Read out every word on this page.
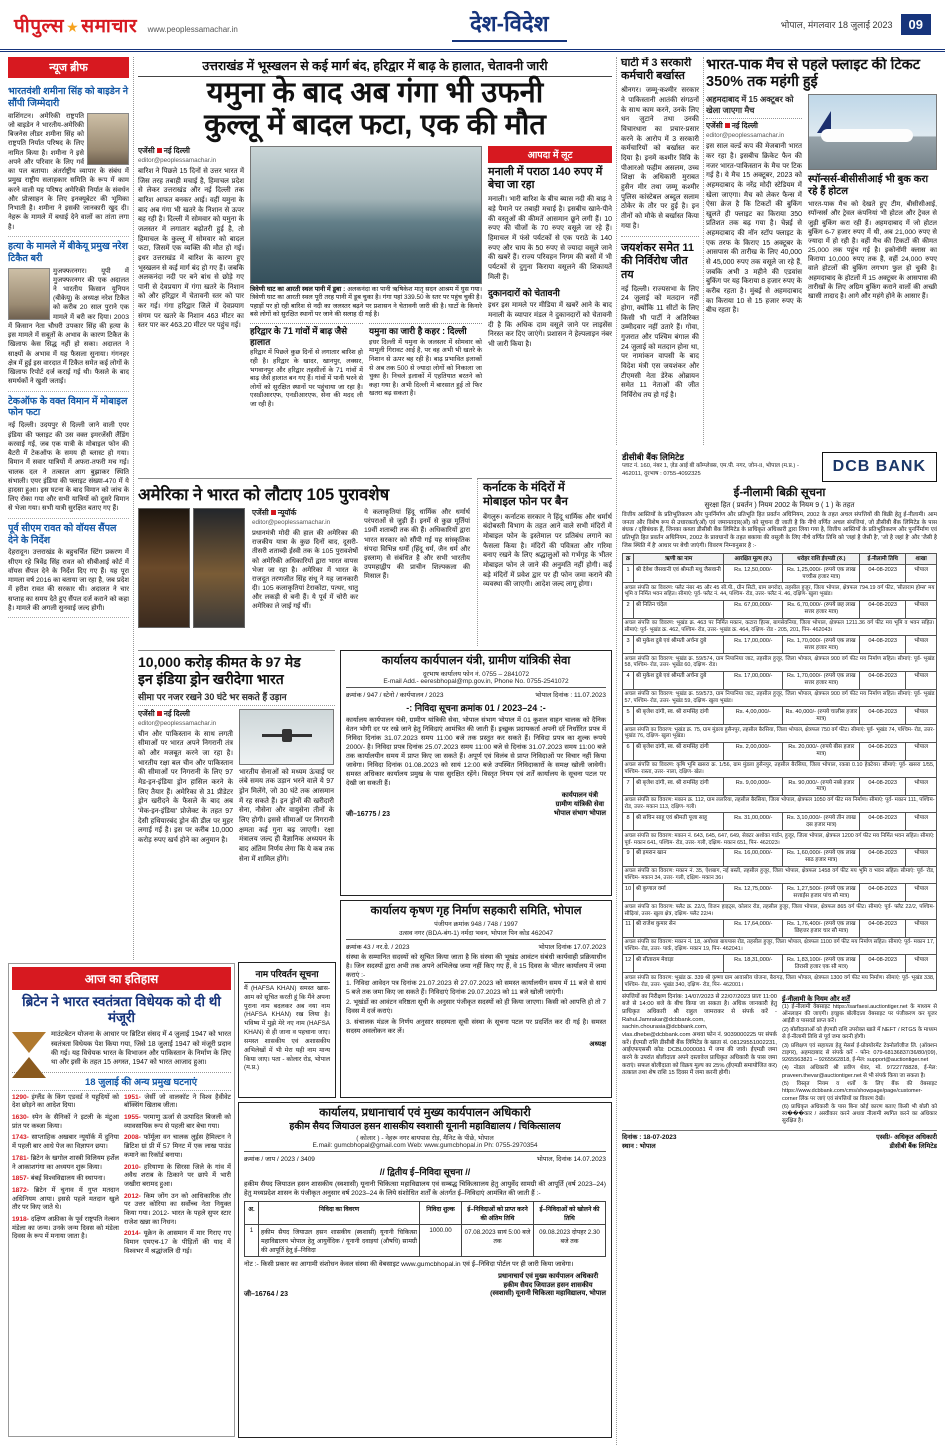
पीपुल्स ★ समाचार www.peoplessamachar.in	देश-विदेश	भोपाल, मंगलवार 18 जुलाई 2023	09
न्यूज ब्रीफ
भारतवंशी शमीना सिंह को बाइडेन ने सौंपी जिम्मेदारी

वाशिंगटन। अमेरिकी राष्ट्रपति जो बाइडेन ने भारतीय-अमेरिकी बिजनेस लीडर शमीना सिंह को राष्ट्रपति निर्यात परिषद के लिए नामित किया है। शमीना ने इसे अपने और परिवार के लिए गर्व का पल बताया। अंतर्राष्ट्रीय व्यापार के संबंध में प्रमुख राष्ट्रीय सलाहकार समिति के रूप में काम करने वाली यह परिषद अमेरिकी निर्यात के संवर्धन और प्रोत्साहन के लिए इनक्यूबेटर की भूमिका निभाती है। शमीना ने इसकी जानकारी खुद दी। नेहरू के मामले में बधाई देने वालों का तांता लगा है।

हत्या के मामले में बीकेयू प्रमुख नरेश टिकैत बरी

मुजफ्फरनगर। यूपी में मुजफ्फरनगर की एक अदालत ने भारतीय किसान यूनियन (बीकेयू) के अध्यक्ष नरेश टिकैत को करीब 20 साल पुराने एक मामले में बरी कर दिया। 2003 में किसान नेता चौधरी उपकार सिंह की हत्या के इस मामले में सबूतों के अभाव के कारण टिकैत के खिलाफ केस सिद्ध नहीं हो सका। अदालत ने साक्ष्यों के अभाव में यह फैसला सुनाया। गंगनहर क्षेत्र में हुई इस वारदात में टिकैत समेत कई लोगों के खिलाफ रिपोर्ट दर्ज कराई गई थी। फैसले के बाद समर्थकों ने खुशी जताई।

टेकऑफ के वक्त विमान में मोबाइल फोन फटा

नई दिल्ली। उदयपुर से दिल्ली जाने वाली एयर इंडिया की फ्लाइट की उस वक्त इमरजेंसी लैंडिंग करवाई गई, जब एक यात्री के मोबाइल फोन की बैटरी में टेकऑफ के समय ही ब्लास्ट हो गया। विमान में सवार यात्रियों में अफरा-तफरी मच गई। चालक दल ने तत्काल आग बुझाकर स्थिति संभाली। एयर इंडिया की फ्लाइट संख्या-470 में ये हादसा हुआ। इस घटना के बाद विमान को जांच के लिए रोका गया और सभी यात्रियों को दूसरे विमान से भेजा गया। सभी यात्री सुरक्षित बताए गए हैं।

पूर्व सीएम रावत को वॉयस सैंपल देने के निर्देश

देहरादून। उत्तराखंड के बहुचर्चित स्टिंग प्रकरण में सीएम रहे त्रिवेंद्र सिंह रावत को सीबीआई कोर्ट में वॉयस सैंपल देने के निर्देश दिए गए हैं। यह पूरा मामला वर्ष 2016 का बताया जा रहा है, जब प्रदेश में हरीश रावत की सरकार थी। अदालत ने चार सप्ताह का समय देते हुए सैंपल दर्ज कराने को कहा है। मामले की अगली सुनवाई जल्द होगी।

उत्तराखंड में भूस्खलन से कई मार्ग बंद, हरिद्वार में बाढ़ के हालात, चेतावनी जारी
यमुना के बाद अब गंगा भी उफनी
कुल्लू में बादल फटा, एक की मौत
एजेंसी नई दिल्ली
editor@peoplessamachar.in

बारिश ने पिछले 15 दिनों से उत्तर भारत में जिस तरह तबाही मचाई है, हिमाचल प्रदेश से लेकर उत्तराखंड और नई दिल्ली तक बारिश आफत बनकर आई। वहीं यमुना के बाद अब गंगा भी खतरे के निशान से ऊपर बह रही है। दिल्ली में सोमवार को यमुना के जलस्तर में लगातार बढ़ोतरी हुई है, तो हिमाचल के कुल्लू में सोमवार को बादल फटा, जिसमें एक व्यक्ति की मौत हो गई। इधर उत्तराखंड में बारिश के कारण हुए भूस्खलन से कई मार्ग बंद हो गए हैं। जबकि अलकनंदा नदी पर बने बांध से छोड़े गए पानी से देवप्रयाग में गंगा खतरे के निशान को और हरिद्वार में चेतावनी स्तर को पार कर गई। गंगा हरिद्वार जिले में देवप्रयाग संगम पर खतरे के निशान 463 मीटर का स्तर पार कर 463.20 मीटर पर पहुंच गई।

त्रिवेणी घाट का आरती स्थल पानी में डूबा : अलकनंदा का पानी ऋषिकेश मातृ सदन आश्रम में घुस गया। त्रिवेणी घाट का आरती स्थल पूरी तरह पानी में डूब चुका है। गंगा यहां 339.50 के स्तर पर पहुंच चुकी है। पहाड़ों पर हो रही बारिश से नदी का जलस्तर बढ़ने पर प्रशासन ने चेतावनी जारी की है। घाटों के किनारे बसे लोगों को सुरक्षित स्थानों पर जाने की सलाह दी गई है।

हरिद्वार के 71 गांवों में बाढ़ जैसे हालात

हरिद्वार में पिछले कुछ दिनों से लगातार बारिश हो रही है। हरिद्वार के खादर, खानपुर, लक्सर, भगवानपुर और हरिद्वार तहसीलों के 71 गांवों में बाढ़ जैसे हालात बन गए हैं। गांवों में पानी भरने से लोगों को सुरक्षित स्थानों पर पहुंचाया जा रहा है। एसडीआरएफ, एनडीआरएफ, सेना की मदद ली जा रही है।

यमुना का जारी है कहर : दिल्ली

इधर दिल्ली में यमुना के जलस्तर में सोमवार को मामूली गिरावट आई है, पर वह अभी भी खतरे के निशान से ऊपर बह रही है। बाढ़ प्रभावित इलाकों से अब तक 500 से ज्यादा लोगों को निकाला जा चुका है। निचले इलाकों में एहतियात बरतने को कहा गया है। अभी दिल्ली में बारसात हुई तो फिर खतरा बढ़ सकता है।

आपदा में लूट
मनाली में पराठा 140 रुपए में बेचा जा रहा

मनाली। भारी बारिश के बीच ब्यास नदी की बाढ़ ने बड़े पैमाने पर तबाही मचाई है। इसबीच खाने-पीने की वस्तुओं की कीमतें आसमान छूने लगी हैं। 10 रुपए की चीजों के 70 रुपए वसूले जा रहे हैं। हिमाचल में फंसे पर्यटकों से एक पराठे के 140 रुपए और चाय के 50 रुपए से ज्यादा वसूले जाने की खबरें हैं। राज्य परिवहन निगम की बसों में भी पर्यटकों से दुगुना किराया वसूलने की शिकायतें मिली हैं।

दुकानदारों को चेतावनी

इधर इस मामले पर मीडिया में खबरें आने के बाद मनाली के व्यापार मंडल ने दुकानदारों को चेतावनी दी है कि अधिक दाम वसूले जाने पर लाइसेंस निरस्त कर दिए जाएंगे। प्रशासन ने हेल्पलाइन नंबर भी जारी किया है।

घाटी में 3 सरकारी कर्मचारी बर्खास्त

श्रीनगर। जम्मू-कश्मीर सरकार ने पाकिस्तानी आतंकी संगठनों के साथ काम करने, उनके लिए धन जुटाने तथा उनकी विचारधारा का प्रचार-प्रसार करने के आरोप में 3 सरकारी कर्मचारियों को बर्खास्त कर दिया है। इनमें कश्मीर विवि के पीआरओ फहीम असलम, उच्च शिक्षा के अधिकारी मुराबत हुसैन मीर तथा जम्मू कश्मीर पुलिस कांस्टेबल अब्दुल सलाम ठोकेर के तौर पर हुई है। इन तीनों को मौके से बर्खास्त किया गया है।

जयशंकर समेत 11 की निर्विरोध जीत तय

नई दिल्ली। राज्यसभा के लिए 24 जुलाई को मतदान नहीं होगा, क्योंकि 11 सीटों के लिए किसी भी पार्टी ने अतिरिक्त उम्मीदवार नहीं उतारे हैं। गोवा, गुजरात और पश्चिम बंगाल की 24 जुलाई को मतदान होना था, पर नामांकन वापसी के बाद विदेश मंत्री एस जयशंकर और टीएमसी नेता डेरेक ओब्रायन समेत 11 नेताओं की जीत निर्विरोध तय हो गई है।

भारत-पाक मैच से पहले फ्लाइट की टिकट 350% तक महंगी हुई
अहमदाबाद में 15 अक्टूबर को खेला जाएगा मैच
एजेंसी नई दिल्ली
editor@peoplessamachar.in

इस साल वर्ल्ड कप की मेजबानी भारत कर रहा है। इसबीच क्रिकेट फैन की नजर भारत-पाकिस्तान के मैच पर टिक गई है। ये मैच 15 अक्टूबर, 2023 को अहमदाबाद के नरेंद्र मोदी स्टेडियम में खेला जाएगा। मैच को लेकर फैन्स में ऐसा क्रेज है कि टिकटों की बुकिंग खुलते ही फ्लाइट का किराया 350 प्रतिशत तक बढ़ गया है। चेन्नई से अहमदाबाद की नॉन स्टॉप फ्लाइट के एक तरफ के किराए 15 अक्टूबर के आसपास की तारीख के लिए 40,000 से 45,000 रुपए तक वसूले जा रहे हैं, जबकि अभी 3 महीने की एडवांस बुकिंग पर यह किराया 8 हजार रुपए के करीब रहता है। मुंबई से अहमदाबाद का किराया 10 से 15 हजार रुपए के बीच रहता है।

स्पॉन्सर्स-बीसीसीआई भी बुक करा रहे हैं होटल

भारत-पाक मैच को देखते हुए टीम, बीसीसीआई, स्पॉन्सर्स और ट्रेवल कंपनियां भी होटल और ट्रेवल से जुड़ी बुकिंग करा रही हैं। अहमदाबाद में जो होटल बुकिंग 6-7 हजार रुपए में थी, अब 21,000 रुपए से ज्यादा में हो रही है। वहीं मैच की टिकटों की कीमत 25,000 तक पहुंच गई है। इकोनॉमी क्लास का किराया 10,000 रुपए तक है, वहीं 24,000 रुपए वाले होटलों की बुकिंग लगभग फुल हो चुकी है। अहमदाबाद के होटलों में 15 अक्टूबर के आसपास की तारीखों के लिए अग्रिम बुकिंग कराने वालों की अच्छी खासी तादाद है। आगे और महंगे होने के आसार हैं।

अमेरिका ने भारत को लौटाए 105 पुरावशेष
एजेंसी न्यूयॉर्क
editor@peoplessamachar.in

प्रधानमंत्री मोदी की हाल की अमेरिका की राजकीय यात्रा के कुछ दिनों बाद, दूसरी-तीसरी शताब्दी ईस्वी तक के 105 पुरावशेषों को अमेरिकी अधिकारियों द्वारा भारत वापस भेजा जा रहा है। अमेरिका में भारत के राजदूत तरणजीत सिंह संधू ने यह जानकारी दी। 105 कलाकृतियां टेराकोटा, पत्थर, धातु और लकड़ी से बनी हैं। ये पूर्व में चोरी कर अमेरिका ले जाई गई थीं।

ये कलाकृतियां हिंदू धार्मिक और धर्मार्थ परंपराओं से जुड़ी हैं। इनमें से कुछ मूर्तियां 19वीं शताब्दी तक की हैं। अधिकारियों द्वारा भारत सरकार को सौंपी गई यह सांस्कृतिक संपदा विभिन्न धर्मों (हिंदू धर्म, जैन धर्म और इस्लाम) से संबंधित है और सभी भारतीय उपमहाद्वीप की प्राचीन शिल्पकला की मिसाल हैं।

कर्नाटक के मंदिरों में
मोबाइल फोन पर बैन

बेंगलुरु। कर्नाटक सरकार ने हिंदू धार्मिक और धर्मार्थ बंदोबस्ती विभाग के तहत आने वाले सभी मंदिरों में मोबाइल फोन के इस्तेमाल पर प्रतिबंध लगाने का फैसला किया है। मंदिरों की पवित्रता और गरिमा बनाए रखने के लिए श्रद्धालुओं को गर्भगृह के भीतर मोबाइल फोन ले जाने की अनुमति नहीं होगी। कई बड़े मंदिरों में प्रवेश द्वार पर ही फोन जमा कराने की व्यवस्था की जाएगी। आदेश जल्द लागू होगा।

10,000 करोड़ कीमत के 97 मेड
इन इंडिया ड्रोन खरीदेगा भारत
सीमा पर नजर रखने 30 घंटे भर सकते हैं उड़ान
एजेंसी नई दिल्ली
editor@peoplessamachar.in

चीन और पाकिस्तान के साथ लगती सीमाओं पर भारत अपने निगरानी तंत्र को और मजबूत करने जा रहा है। भारतीय रक्षा बल चीन और पाकिस्तान की सीमाओं पर निगरानी के लिए 97 मेड-इन-इंडिया ड्रोन हासिल करने के लिए तैयार हैं। अमेरिका से 31 प्रीडेटर ड्रोन खरीदने के फैसले के बाद अब 'मेक-इन-इंडिया' प्रोजेक्ट के तहत 97 देसी हथियारबंद ड्रोन की डील पर मुहर लगाई गई है। इस पर करीब 10,000 करोड़ रुपए खर्च होने का अनुमान है।

भारतीय सेनाओं को मध्यम ऊंचाई पर लंबे समय तक उड़ान भरने वाले ये 97 ड्रोन मिलेंगे, जो 30 घंटे तक आसमान में रह सकते हैं। इन ड्रोनों की खरीदारी सेना, नौसेना और वायुसेना तीनों के लिए होगी। इससे सीमाओं पर निगरानी क्षमता कई गुना बढ़ जाएगी। रक्षा मंत्रालय जल्द ही वैज्ञानिक अध्ययन के बाद अंतिम निर्णय लेगा कि ये कब तक सेना में शामिल होंगे।

आज का इतिहास
ब्रिटेन ने भारत स्वतंत्रता विधेयक को दी थी मंजूरी

माउंटबेटन योजना के आधार पर ब्रिटिश संसद में 4 जुलाई 1947 को भारत स्वतंत्रता विधेयक पेश किया गया, जिसे 18 जुलाई 1947 को मंजूरी प्रदान की गई। यह विधेयक भारत के विभाजन और पाकिस्तान के निर्माण के लिए था और इसी के तहत 15 अगस्त, 1947 को भारत आजाद हुआ।

18 जुलाई की अन्य प्रमुख घटनाएं
1290- इंग्लैंड के किंग एडवर्ड ने यहूदियों को देश छोड़ने का आदेश दिया।
1630- स्पेन के सैनिकों ने इटली के मंटुआ प्रांत पर कब्जा किया।
1743- साप्ताहिक अखबार न्यूयॉर्क में दुनिया में पहली बार आधे पेज का विज्ञापन छपा।
1781- ब्रिटेन के खगोल शास्त्री विलियम हर्शेल ने आकाशगंगा का अध्ययन शुरू किया।
1857- बंबई विश्वविद्यालय की स्थापना।
1872- ब्रिटेन में चुनाव में गुप्त मतदान अधिनियम आया। इससे पहले मतदान खुले तौर पर किए जाते थे।
1918- दक्षिण अफ्रीका के पूर्व राष्ट्रपति नेल्सन मंडेला का जन्म। उनके जन्म दिवस को मंडेला दिवस के रूप में मनाया जाता है।
1951- जेर्सी जो वालकॉट ने विश्व हैवीवेट बॉक्सिंग खिताब जीता।
1955- परमाणु ऊर्जा से उत्पादित बिजली को व्यावसायिक रूप से पहली बार बेचा गया।
2008- फॉर्मूला वन चालक लुईस हैमिल्टन ने ब्रिटिश ग्रां प्री में 57 मिनट में एक लाख पाउंड कमाने का रिकॉर्ड बनाया।
2010- हरियाणा के सिरसा जिले के गांव में अवैध शराब के ठिकाने पर छापे में भारी जखीरा बरामद हुआ।
2012- किम जोंग उन को आधिकारिक तौर पर उत्तर कोरिया का सर्वोच्च नेता नियुक्त किया गया। 2012- भारत के पहले सुपर स्टार राजेश खन्ना का निधन।
2014- यूक्रेन के आसमान में मार गिराए गए विमान एमएच-17 के पीड़ितों की याद में विश्वभर में श्रद्धांजलि दी गई।
कार्यालय कार्यपालन यंत्री, ग्रामीण यांत्रिकी सेवा
दूरभाष कार्यालय फोन नं. 0755 – 2841072
E-mail Add.- eeresbhopal@mp.gov.in, Phone No. 0755-2541072
क्रमांक / 947 / स्टेनो / कार्यपालन / 2023	भोपाल दिनांक : 11.07.2023
-: निविदा सूचना क्रमांक 01 / 2023–24 :-

कार्यालय कार्यपालन यंत्री, ग्रामीण यांत्रिकी सेवा, भोपाल संभाग भोपाल में 01 कुशल वाहन चालक को दैनिक वेतन भोगी दर पर रखे जाने हेतु निविदाएं आमंत्रित की जाती हैं। इच्छुक प्रदायकर्ता अपनी दरें निर्धारित प्रपत्र में निविदा दिनांक 31.07.2023 समय 11:00 बजे तक प्रस्तुत कर सकते हैं। निविदा प्रपत्र का शुल्क रूपये 2000/- है। निविदा प्रपत्र दिनांक 25.07.2023 समय 11:00 बजे से दिनांक 31.07.2023 समय 11:00 बजे तक कार्यालयीन समय में प्राप्त किए जा सकते हैं। अपूर्ण एवं विलंब से प्राप्त निविदाओं पर विचार नहीं किया जावेगा। निविदा दिनांक 01.08.2023 को सायं 12:00 बजे उपस्थित निविदाकारों के समक्ष खोली जावेगी। समस्त अधिकार कार्यालय प्रमुख के पास सुरक्षित रहेंगे। विस्तृत नियम एवं शर्तें कार्यालय के सूचना पटल पर देखी जा सकती हैं।

जी–16775 / 23
कार्यपालन यंत्री
ग्रामीण यांत्रिकी सेवा
भोपाल संभाग भोपाल
कार्यालय कृषण गृह निर्माण सहकारी समिति, भोपाल
पंजीयन क्रमांक 948 / 748 / 1997
उत्सव नगर (BDA-बंग-1) नर्मदा भवन, भोपाल पिन कोड 462047
क्रमांक 43 / नर.ग्रे. / 2023	भोपाल दिनांक 17.07.2023

संस्था के सम्मानित सदस्यों को सूचित किया जाता है कि संस्था की भूखंड आवंटन संबंधी कार्यवाही प्रक्रियाधीन है। जिन सदस्यों द्वारा अभी तक अपने अभिलेख जमा नहीं किए गए हैं, वे 15 दिवस के भीतर कार्यालय में जमा कराएं :-

1. निविदा आवेदन पत्र दिनांक 21.07.2023 से 27.07.2023 को समस्त कार्यालयीन समय में 11 बजे से सायं 5 बजे तक जमा किए जा सकते हैं। निविदाएं दिनांक 29.07.2023 को 11 बजे खोली जाएंगी।

2. भूखंडों का आवंटन वरिष्ठता सूची के अनुसार पंजीकृत सदस्यों को ही किया जाएगा। किसी को आपत्ति हो तो 7 दिवस में दर्ज कराएं।

3. संचालक मंडल के निर्णय अनुसार सदस्यता सूची संस्था के सूचना पटल पर प्रदर्शित कर दी गई है। समस्त सदस्य अवलोकन कर लें।

अध्यक्ष
नाम परिवर्तन सूचना

मैं (HAFSA KHAN) समस्त खास-आम को सूचित करती हूं कि मैंने अपना पुराना नाम बदलकर अब नया नाम (HAFSA KHAN) रख लिया है। भविष्य में मुझे मेरे नए नाम (HAFSA KHAN) से ही जाना व पहचाना जाए। समस्त शासकीय एवं अशासकीय अभिलेखों में भी मेरा यही नाम मान्य किया जाए। पता - कोलार रोड, भोपाल (म.प्र.)

कार्यालय, प्रधानाचार्य एवं मुख्य कार्यपालन अधिकारी
हकीम सैयद जियाउल हसन शासकीय स्वशासी यूनानी महाविद्यालय / चिकित्सालय
( कोलार ) - नेहरू नगर बायपास रोड़, मैनिट के पीछे, भोपाल
E.mail: gumcbhopal@gmail.com Web: www.gumcbhopal.in Ph: 0755-2970354
क्रमांक / जाप / 2023 / 3409	भोपाल, दिनांक 14.07.2023
// द्वितीय ई–निविदा सूचना //

हकीम सैयद जियाउल हसन शासकीय (स्वशासी) यूनानी चिकित्सा महाविद्यालय एवं सम्बद्ध चिकित्सालय हेतु आयुर्वेद सामग्री की आपूर्ति (वर्ष 2023–24) हेतु मध्यप्रदेश शासन के पंजीकृत अनुसार वर्ष 2023–24 के लिये संशोधित शर्तों के अंतर्गत ई–निविदाएं आमंत्रित की जाती हैं :-

अ.	निविदा का विवरण	निविदा शुल्क	ई–निविदाओं को प्राप्त करने की अंतिम तिथि	ई–निविदाओं को खोलने की तिथि
1	हकीम सैयद जियाउल हसन शासकीय (स्वशासी) यूनानी चिकित्सा महाविद्यालय भोपाल हेतु आयुर्वेदिक / यूनानी दवाइयां (औषधि) सामग्री की आपूर्ति हेतु ई–निविदा	1000.00	07.08.2023 सायं 5:00 बजे तक	09.08.2023 दोपहर 2.30 बजे तक

नोट :- किसी प्रकार का आगामी संशोधन केवल संस्था की वेबसाइट www.gumcbhopal.in एवं ई–निविदा पोर्टल पर ही जारी किया जावेगा।

जी–16764 / 23
प्रधानाचार्य एवं मुख्य कार्यपालन अधिकारी
हकीम सैयद जियाउल हसन शासकीय
(स्वशासी) यूनानी चिकित्सा महाविद्यालय, भोपाल
डीसीबी बैंक लिमिटेड
प्लाट नं. 160, नंबर 1, ज़ेड आई बी कॉम्प्लेक्स, एम.पी. नगर, जोन-II, भोपाल (म.प्र.) - 462011, दूरभाष : 0755-4092325	DCB BANK
ई-नीलामी बिक्री सूचना
सुरक्षा हित ( प्रवर्तन ) नियम 2002 के नियम 9 ( 1 ) के तहत

वित्तीय आस्तियों के प्रतिभूतिकरण और पुनर्निर्माण और प्रतिभूति हित प्रवर्तन अधिनियम, 2002 के तहत अचल संपत्तियों की बिक्री हेतु ई-नीलामी। आम जनता और विशेष रूप से उधारकर्ता(ओं) एवं जमानतदार(ओं) को सूचना दी जाती है कि नीचे वर्णित अचल संपत्तियां, जो डीसीबी बैंक लिमिटेड के पास बंधक / दृष्टिबंधक हैं, जिनका कब्जा डीसीबी बैंक लिमिटेड के प्राधिकृत अधिकारी द्वारा लिया गया है, वित्तीय आस्तियों के प्रतिभूतिकरण और पुनर्निर्माण एवं प्रतिभूति हित प्रवर्तन अधिनियम, 2002 के प्रावधानों के तहत बकाया की वसूली के लिए नीचे वर्णित तिथि को 'जहां है जैसी है', 'जो है जहां है' और 'जैसी है जिस स्थिति में है' आधार पर बेची जाएंगी। विवरण निम्नानुसार है :-

क्र	ऋणी का नाम	आरक्षित मूल्य (रु.)	धरोहर राशि ईएमडी (रु.)	ई-नीलामी तिथि	शाखा
1	श्री देवेश जैसवानी एवं श्रीमती मधु जैसवानी	Rs. 12,50,000/-	Rs. 1,25,000/- (रुपये एक लाख पच्चीस हजार मात्र)	04-08-2023	भोपाल
अचल संपत्ति का विवरण: फ्लैट नंबर 45 और 45 सी.पी., ग्रीन सिटी, ग्राम बगरोदा, तहसील हुजूर, जिला भोपाल, क्षेत्रफल 794.19 वर्ग फीट, 'सीताराम होम्स' मय भूमि व निर्मित भवन सहित। सीमाएं: पूर्व- फ्लैट नं. 44, पश्चिम- रोड, उत्तर- फ्लैट नं. 46, दक्षिण- खुला भूखंड।					
2	श्री नितिन चंदेल	Rs. 67,00,000/-	Rs. 6,70,000/- (रुपये छह लाख सत्तर हजार मात्र)	04-08-2023	भोपाल
अचल संपत्ति का विवरण: भूखंड क्र. 463 पर निर्मित मकान, कटारा हिल्स, बागसेवनिया, जिला भोपाल, क्षेत्रफल 1211.36 वर्ग फीट मय भूमि व भवन सहित। सीमाएं: पूर्व- भूखंड क्र. 462, पश्चिम- रोड, उत्तर- भूखंड क्र. 464, दक्षिण- रोड - 205, 201, पिन- 462043।					
3	श्री मुकेश दुबे एवं श्रीमती अर्चना दुबे	Rs. 17,00,000/-	Rs. 1,70,000/- (रुपये एक लाख सत्तर हजार मात्र)	04-08-2023	भोपाल
अचल संपत्ति का विवरण: भूखंड क्र. 59/574, ग्राम निपानिया जाट, तहसील हुजूर, जिला भोपाल, क्षेत्रफल 900 वर्ग फीट मय निर्माण सहित। सीमाएं: पूर्व- भूखंड 58, पश्चिम- रोड, उत्तर- भूखंड 60, दक्षिण- रोड।					
4	श्री मुकेश दुबे एवं श्रीमती अर्चना दुबे	Rs. 17,00,000/-	Rs. 1,70,000/- (रुपये एक लाख सत्तर हजार मात्र)	04-08-2023	भोपाल
अचल संपत्ति का विवरण: भूखंड क्र. 59/573, ग्राम निपानिया जाट, तहसील हुजूर, जिला भोपाल, क्षेत्रफल 900 वर्ग फीट मय निर्माण सहित। सीमाएं: पूर्व- भूखंड 57, पश्चिम- रोड, उत्तर- भूखंड 59, दक्षिण- खुला भूखंड।					
5	श्री बृजेश दांगी, स्व. श्री रामसिंह दांगी	Rs. 4,00,000/-	Rs. 40,000/- (रुपये चालीस हजार मात्र)	04-08-2023	भोपाल
अचल संपत्ति का विवरण: भूखंड क्र. 75, ग्राम मुंडला हुसैनपुर, तहसील बैरसिया, जिला भोपाल, क्षेत्रफल 750 वर्ग फीट। सीमाएं: पूर्व- भूखंड 74, पश्चिम- रोड, उत्तर- भूखंड 76, दक्षिण- खुला भूखंड।					
6	श्री बृजेश दांगी, स्व. श्री रामसिंह दांगी	Rs. 2,00,000/-	Rs. 20,000/- (रुपये बीस हजार मात्र)	04-08-2023	भोपाल
अचल संपत्ति का विवरण: कृषि भूमि खसरा क्र. 1/56, ग्राम मुंडला हुसैनपुर, तहसील बैरसिया, जिला भोपाल, रकबा 0.10 हेक्टेयर। सीमाएं: पूर्व- खसरा 1/55, पश्चिम- रास्ता, उत्तर- नाला, दक्षिण- खेत।					
7	श्री बृजेश दांगी, स्व. श्री रामसिंह दांगी	Rs. 9,00,000/-	Rs. 90,000/- (रुपये नब्बे हजार मात्र)	04-08-2023	भोपाल
अचल संपत्ति का विवरण: मकान क्र. 112, ग्राम ललरिया, तहसील बैरसिया, जिला भोपाल, क्षेत्रफल 1050 वर्ग फीट मय निर्माण। सीमाएं: पूर्व- मकान 111, पश्चिम- रोड, उत्तर- मकान 113, दक्षिण- गली।					
8	श्री सचिन साहू एवं श्रीमती पूजा साहू	Rs. 31,00,000/-	Rs. 3,10,000/- (रुपये तीन लाख दस हजार मात्र)	04-08-2023	भोपाल
अचल संपत्ति का विवरण: मकान नं. 643, 645, 647, 649, सेक्टर अशोका गार्डन, हुजूर, जिला भोपाल, क्षेत्रफल 1200 वर्ग फीट मय निर्मित भवन सहित। सीमाएं: पूर्व- मकान 641, पश्चिम- रोड, उत्तर- गली, दक्षिण- मकान 651, पिन- 462023।					
9	श्री इमरान खान	Rs. 16,00,000/-	Rs. 1,60,000/- (रुपये एक लाख साठ हजार मात्र)	04-08-2023	भोपाल
अचल संपत्ति का विवरण: मकान नं. 35, ऐशबाग, नई बस्ती, तहसील हुजूर, जिला भोपाल, क्षेत्रफल 1458 वर्ग फीट मय भूमि व भवन सहित। सीमाएं: पूर्व- रोड, पश्चिम- मकान 34, उत्तर- गली, दक्षिण- मकान 36।					
10	श्री कुणाल वर्मा	Rs. 12,75,000/-	Rs. 1,27,500/- (रुपये एक लाख सत्ताईस हजार पांच सौ मात्र)	04-08-2023	भोपाल
अचल संपत्ति का विवरण: फ्लैट क्र. 22/3, विजन हाइट्स, कोलार रोड, तहसील हुजूर, जिला भोपाल, क्षेत्रफल 865 वर्ग फीट। सीमाएं: पूर्व- फ्लैट 22/2, पश्चिम- सीढ़ियां, उत्तर- खुला क्षेत्र, दक्षिण- फ्लैट 22/4।					
11	श्री राजेश कुमार सेन	Rs. 17,64,000/-	Rs. 1,76,400/- (रुपये एक लाख छिहत्तर हजार चार सौ मात्र)	04-08-2023	भोपाल
अचल संपत्ति का विवरण: मकान नं. 18, अयोध्या बायपास रोड, तहसील हुजूर, जिला भोपाल, क्षेत्रफल 1100 वर्ग फीट मय निर्माण सहित। सीमाएं: पूर्व- मकान 17, पश्चिम- रोड, उत्तर- पार्क, दक्षिण- मकान 19, पिन- 462041।					
12	श्री सीताराम मेवाड़ा	Rs. 18,31,000/-	Rs. 1,83,100/- (रुपये एक लाख तिरासी हजार एक सौ मात्र)	04-08-2023	भोपाल
अचल संपत्ति का विवरण: भूखंड क्र. 339 श्री कृष्णा ग्राम आवासीय योजना, बैरागढ़, जिला भोपाल, क्षेत्रफल 1300 वर्ग फीट मय निर्माण। सीमाएं: पूर्व- भूखंड 338, पश्चिम- रोड, उत्तर- भूखंड 340, दक्षिण- रोड, पिन- 462001।					

संपत्तियों का निरीक्षण दिनांक: 14/07/2023 से 22/07/2023 प्रातः 11:00 बजे से 14:00 बजे के बीच किया जा सकता है। अधिक जानकारी हेतु प्राधिकृत अधिकारी श्री राहुल जामराकर से संपर्क करें - Rahul.Jamrakar@dcbbank.com, sachin.chourasia@dcbbank.com, vlas.dhebe@dcbbank.com अथवा फोन नं. 9039000225 पर संपर्क करें। ईएमडी राशि डीसीबी बैंक लिमिटेड के खाता सं. 08129551002231, आईएफएससी कोड: DCBL0000081 में जमा की जावे। ईएमडी जमा करने के उपरांत बोलीदाता अपने दस्तावेज प्राधिकृत अधिकारी के पास जमा कराएं। सफल बोलीदाता को विक्रय मूल्य का 25% (ईएमडी समायोजित कर) तत्काल तथा शेष राशि 15 दिवस में जमा करनी होगी।

ई-नीलामी के नियम और शर्तें

(1) ई-नीलामी वेबसाइट https://sarfaesi.auctiontiger.net के माध्यम से ऑनलाइन की जाएगी। इच्छुक बोलीदाता वेबसाइट पर पंजीकरण कर यूजर आईडी व पासवर्ड प्राप्त करें।

(2) बोलीदाताओं को ईएमडी राशि उपरोक्त खाते में NEFT / RTGS के माध्यम से ई-नीलामी तिथि से पूर्व जमा करनी होगी।

(3) प्रशिक्षण एवं सहायता हेतु मेसर्स ई-प्रोक्योरमेंट टेक्नोलॉजीज लि. (ऑक्शन टाइगर), अहमदाबाद से संपर्क करें - फोन: 079-68136837/36/80/(09), 9265563821 – 9265562818, ई-मेल: support@auctiontiger.net

(4) नोडल अधिकारी श्री प्रवीण थेवर, मो. 9722778828, ई-मेल: praveen.thevar@auctiontiger.net से भी संपर्क किया जा सकता है।

(5) विस्तृत नियम व शर्तों के लिए बैंक की वेबसाइट https://www.dcbbank.com/cms/showpage/page/customer-corner लिंक पर जाएं एवं संपत्तियों का विवरण देखें।

(6) प्राधिकृत अधिकारी के पास बिना कोई कारण बताए किसी भी बोली को स्व���कार / अस्वीकार करने अथवा नीलामी स्थगित करने का अधिकार सुरक्षित है।

दिनांक : 18-07-2023
स्थान : भोपाल
एस्सी/- अधिकृत अधिकारी
डीसीबी बैंक लिमिटेड
